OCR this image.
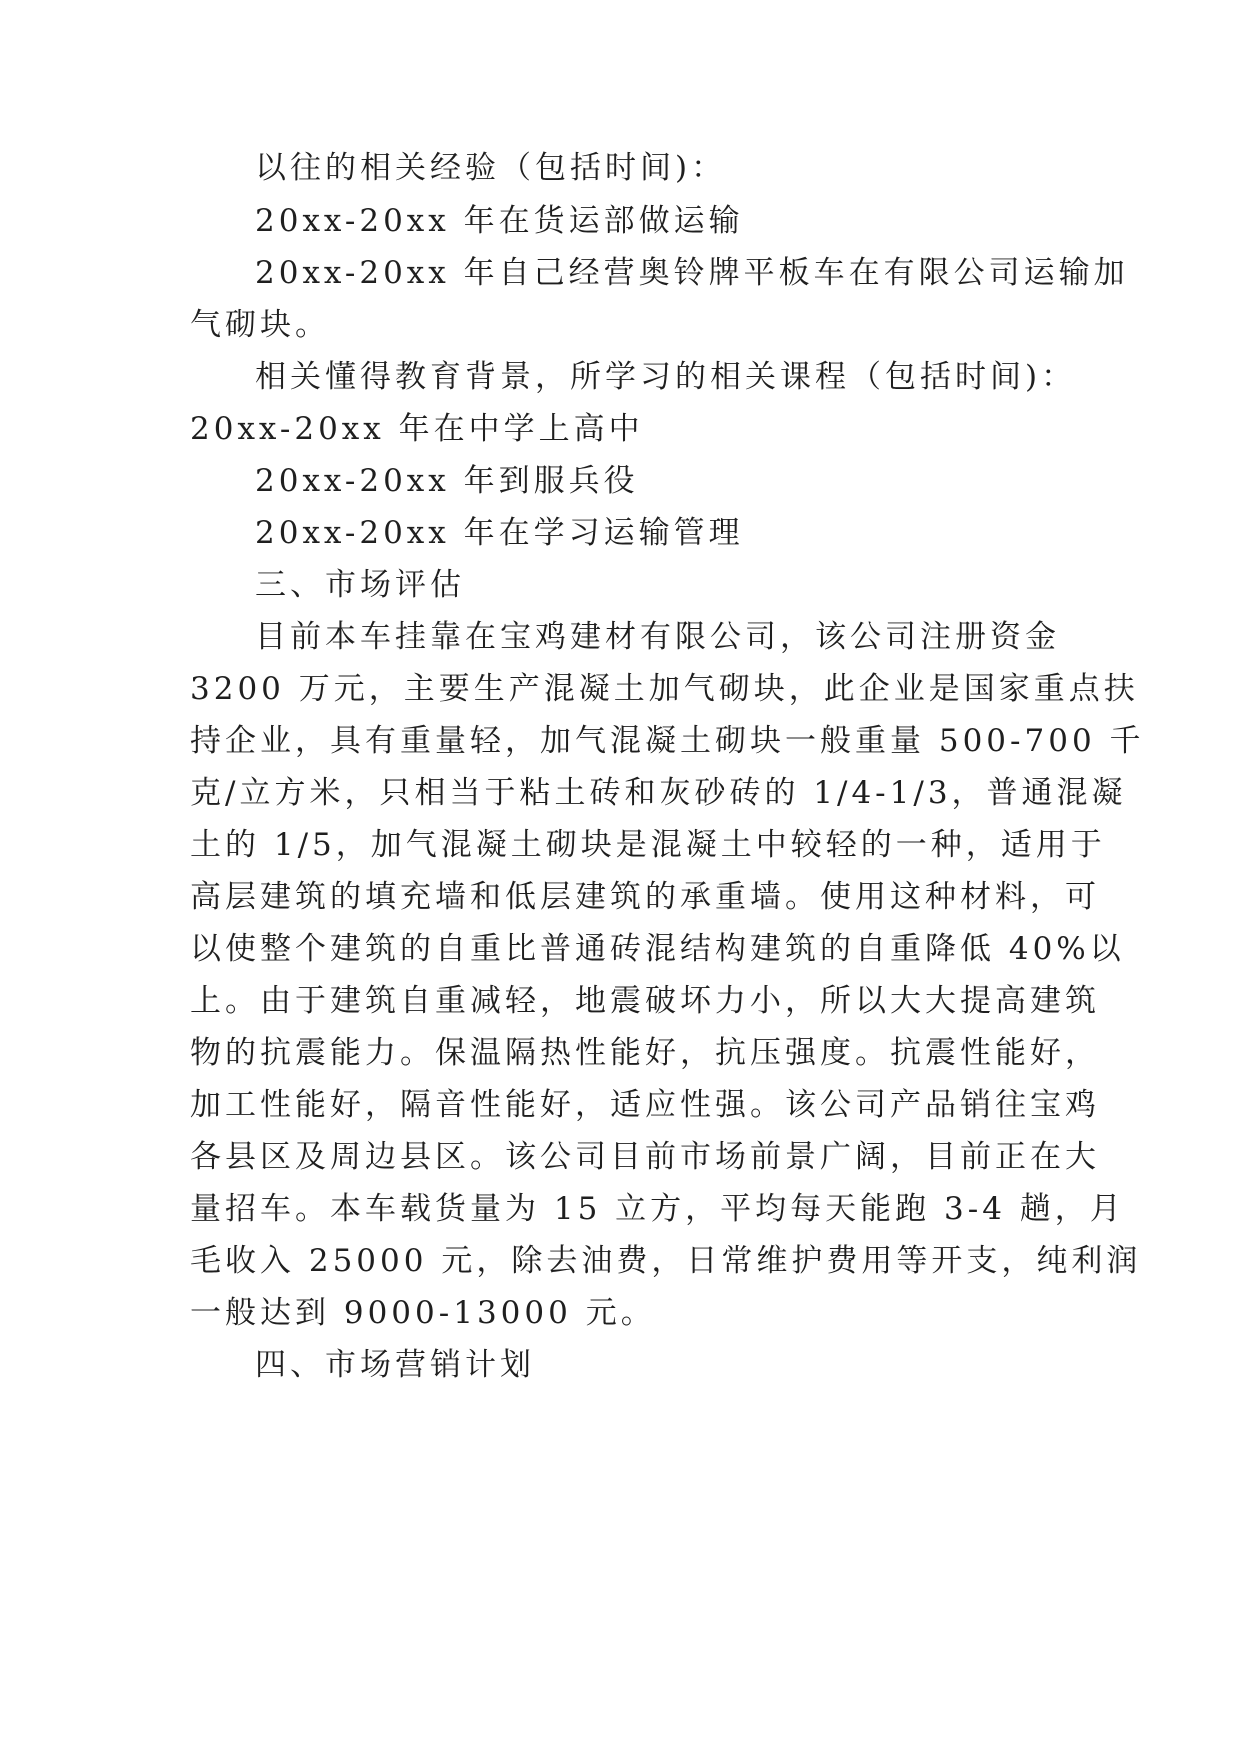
以往的相关经验（包括时间)：
20xx-20xx 年在货运部做运输
20xx-20xx 年自己经营奥铃牌平板车在有限公司运输加
气砌块。
相关懂得教育背景，所学习的相关课程（包括时间)：
20xx-20xx 年在中学上高中
20xx-20xx 年到服兵役
20xx-20xx 年在学习运输管理
三、市场评估
目前本车挂靠在宝鸡建材有限公司，该公司注册资金
3200 万元，主要生产混凝土加气砌块，此企业是国家重点扶
持企业，具有重量轻，加气混凝土砌块一般重量 500-700 千
克/立方米，只相当于粘土砖和灰砂砖的 1/4-1/3，普通混凝
土的 1/5，加气混凝土砌块是混凝土中较轻的一种，适用于
高层建筑的填充墙和低层建筑的承重墙。使用这种材料，可
以使整个建筑的自重比普通砖混结构建筑的自重降低 40%以
上。由于建筑自重减轻，地震破坏力小，所以大大提高建筑
物的抗震能力。保温隔热性能好，抗压强度。抗震性能好，
加工性能好，隔音性能好，适应性强。该公司产品销往宝鸡
各县区及周边县区。该公司目前市场前景广阔，目前正在大
量招车。本车载货量为 15 立方，平均每天能跑 3-4 趟，月
毛收入 25000 元，除去油费，日常维护费用等开支，纯利润
一般达到 9000-13000 元。
四、市场营销计划
